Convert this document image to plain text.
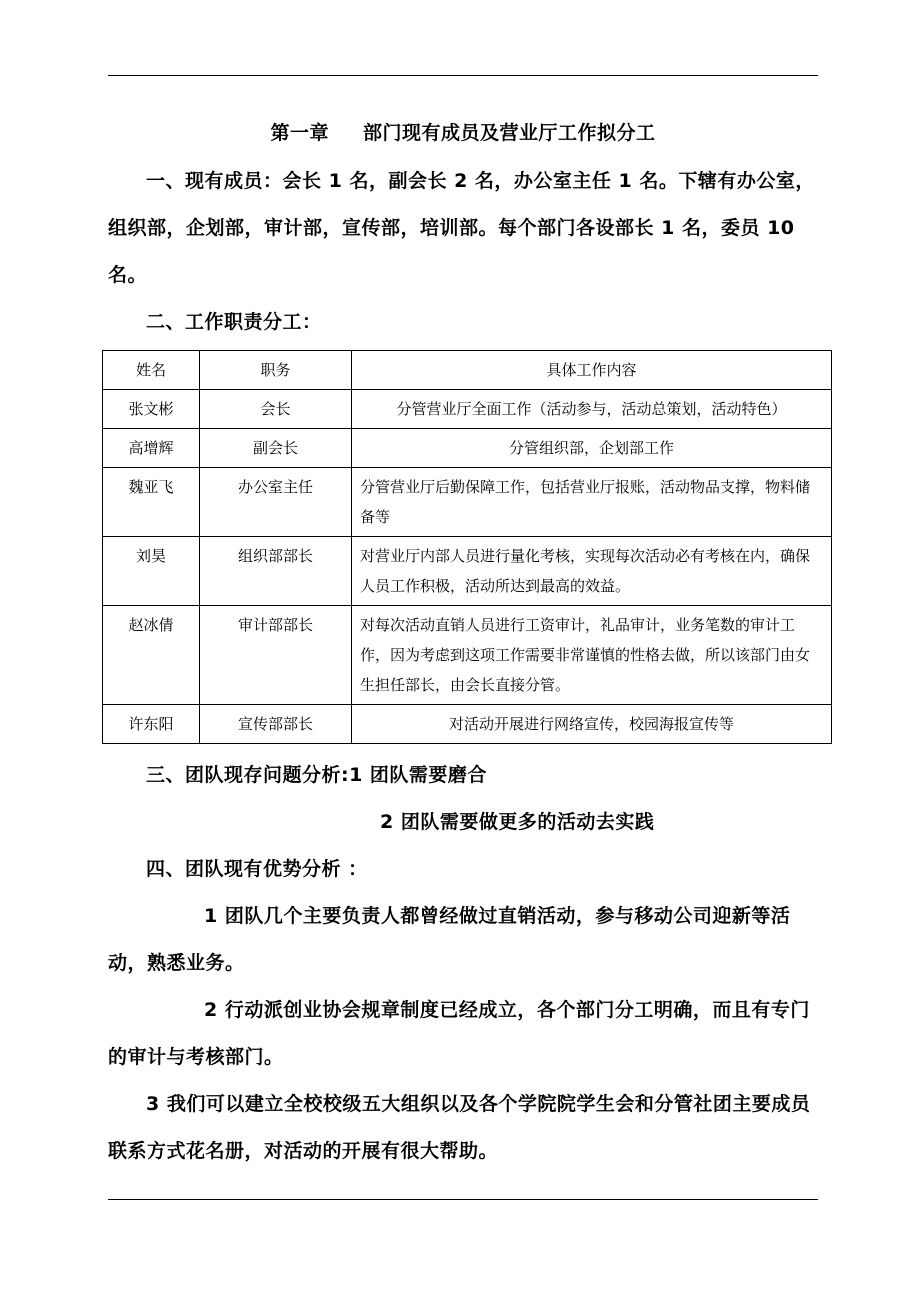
第一章 部门现有成员及营业厅工作拟分工

一、现有成员：会长 1 名，副会长 2 名，办公室主任 1 名。下辖有办公室，组织部，企划部，审计部，宣传部，培训部。每个部门各设部长 1 名，委员 10 名。

二、工作职责分工：

姓名	职务	具体工作内容
张文彬	会长	分管营业厅全面工作（活动参与，活动总策划，活动特色）
高增辉	副会长	分管组织部，企划部工作
魏亚飞	办公室主任	分管营业厅后勤保障工作，包括营业厅报账，活动物品支撑，物料储备等
刘昊	组织部部长	对营业厅内部人员进行量化考核，实现每次活动必有考核在内，确保人员工作积极，活动所达到最高的效益。
赵冰倩	审计部部长	对每次活动直销人员进行工资审计，礼品审计，业务笔数的审计工作，因为考虑到这项工作需要非常谨慎的性格去做，所以该部门由女生担任部长，由会长直接分管。
许东阳	宣传部部长	对活动开展进行网络宣传，校园海报宣传等

三、团队现存问题分析:1 团队需要磨合

2 团队需要做更多的活动去实践

四、团队现有优势分析 ：

1 团队几个主要负责人都曾经做过直销活动，参与移动公司迎新等活动，熟悉业务。

2 行动派创业协会规章制度已经成立，各个部门分工明确，而且有专门的审计与考核部门。

3 我们可以建立全校校级五大组织以及各个学院院学生会和分管社团主要成员联系方式花名册，对活动的开展有很大帮助。
